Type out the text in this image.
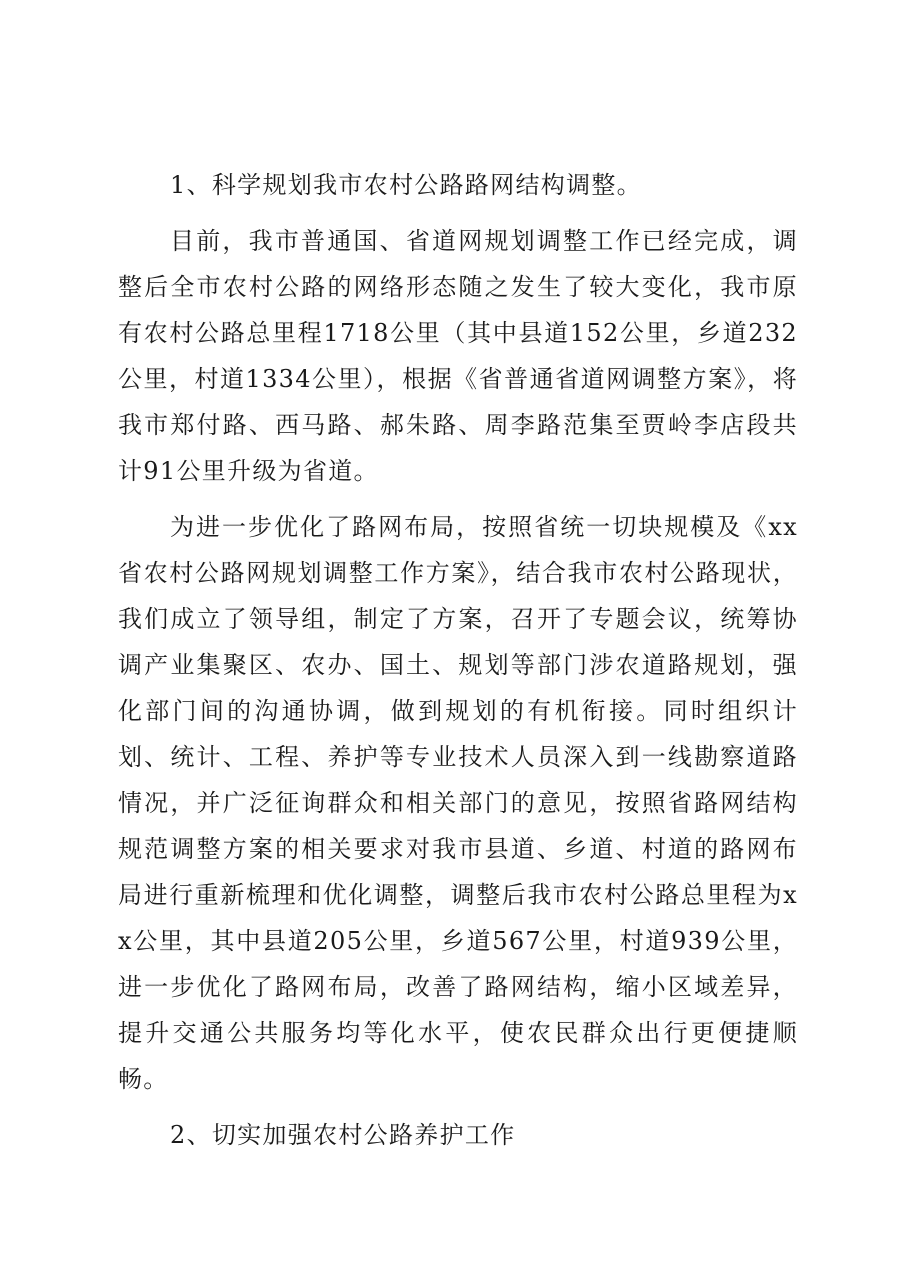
1、科学规划我市农村公路路网结构调整。

目前，我市普通国、省道网规划调整工作已经完成，调整后全市农村公路的网络形态随之发生了较大变化，我市原有农村公路总里程1718公里（其中县道152公里，乡道232公里，村道1334公里），根据《省普通省道网调整方案》，将我市郑付路、西马路、郝朱路、周李路范集至贾岭李店段共计91公里升级为省道。

为进一步优化了路网布局，按照省统一切块规模及《xx省农村公路网规划调整工作方案》，结合我市农村公路现状，我们成立了领导组，制定了方案，召开了专题会议，统筹协调产业集聚区、农办、国土、规划等部门涉农道路规划，强化部门间的沟通协调，做到规划的有机衔接。同时组织计划、统计、工程、养护等专业技术人员深入到一线勘察道路情况，并广泛征询群众和相关部门的意见，按照省路网结构规范调整方案的相关要求对我市县道、乡道、村道的路网布局进行重新梳理和优化调整，调整后我市农村公路总里程为xx公里，其中县道205公里，乡道567公里，村道939公里，进一步优化了路网布局，改善了路网结构，缩小区域差异，提升交通公共服务均等化水平，使农民群众出行更便捷顺畅。

2、切实加强农村公路养护工作
